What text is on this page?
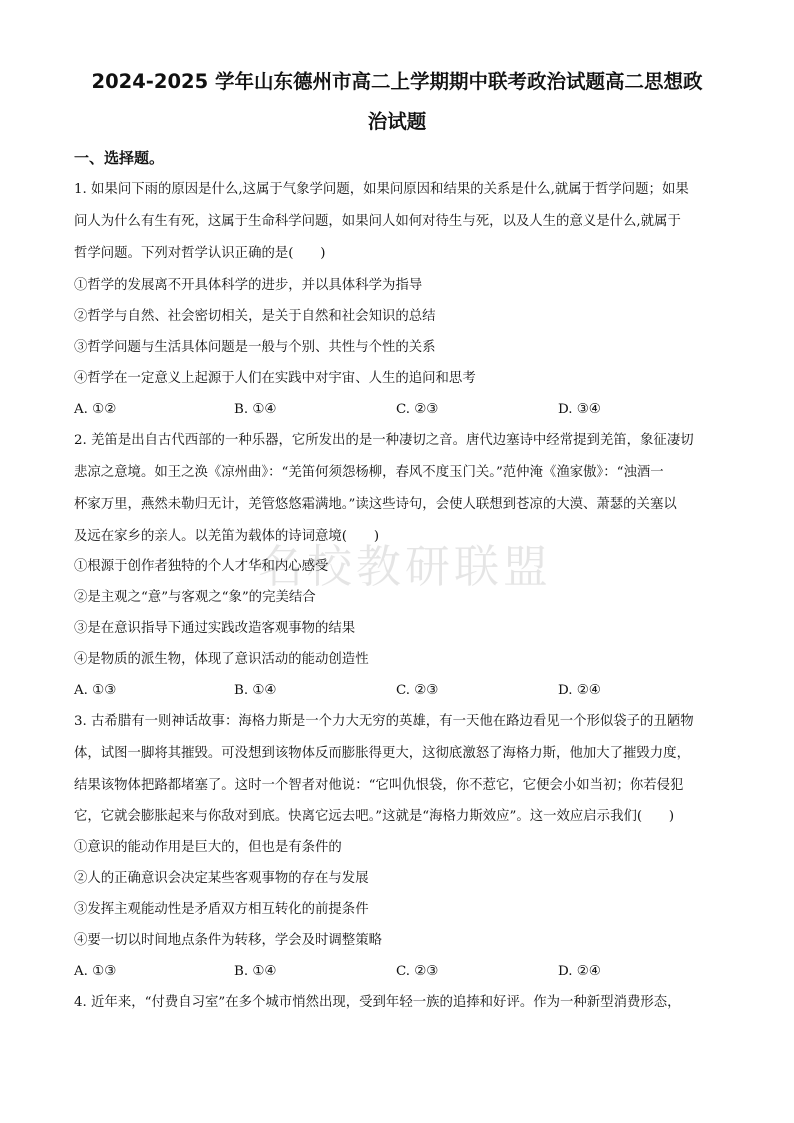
2024-2025 学年山东德州市高二上学期期中联考政治试题高二思想政
治试题
一、选择题。
名校教研联盟
1. 如果问下雨的原因是什么,这属于气象学问题，如果问原因和结果的关系是什么,就属于哲学问题；如果
问人为什么有生有死，这属于生命科学问题，如果问人如何对待生与死，以及人生的意义是什么,就属于
哲学问题。下列对哲学认识正确的是(　　)
①哲学的发展离不开具体科学的进步，并以具体科学为指导
②哲学与自然、社会密切相关，是关于自然和社会知识的总结
③哲学问题与生活具体问题是一般与个别、共性与个性的关系
④哲学在一定意义上起源于人们在实践中对宇宙、人生的追问和思考
A. ①②	B. ①④	C. ②③	D. ③④
2. 羌笛是出自古代西部的一种乐器，它所发出的是一种凄切之音。唐代边塞诗中经常提到羌笛，象征凄切
悲凉之意境。如王之涣《凉州曲》：“羌笛何须怨杨柳，春风不度玉门关。”范仲淹《渔家傲》：“浊酒一
杯家万里，燕然未勒归无计，羌管悠悠霜满地。”读这些诗句，会使人联想到苍凉的大漠、萧瑟的关塞以
及远在家乡的亲人。以羌笛为载体的诗词意境(　　)
①根源于创作者独特的个人才华和内心感受
②是主观之“意”与客观之“象”的完美结合
③是在意识指导下通过实践改造客观事物的结果
④是物质的派生物，体现了意识活动的能动创造性
A. ①③	B. ①④	C. ②③	D. ②④
3. 古希腊有一则神话故事：海格力斯是一个力大无穷的英雄，有一天他在路边看见一个形似袋子的丑陋物
体，试图一脚将其摧毁。可没想到该物体反而膨胀得更大，这彻底激怒了海格力斯，他加大了摧毁力度，
结果该物体把路都堵塞了。这时一个智者对他说：“它叫仇恨袋，你不惹它，它便会小如当初；你若侵犯
它，它就会膨胀起来与你敌对到底。快离它远去吧。”这就是“海格力斯效应”。这一效应启示我们(　　)
①意识的能动作用是巨大的，但也是有条件的
②人的正确意识会决定某些客观事物的存在与发展
③发挥主观能动性是矛盾双方相互转化的前提条件
④要一切以时间地点条件为转移，学会及时调整策略
A. ①③	B. ①④	C. ②③	D. ②④
4. 近年来，“付费自习室”在多个城市悄然出现，受到年轻一族的追捧和好评。作为一种新型消费形态，
